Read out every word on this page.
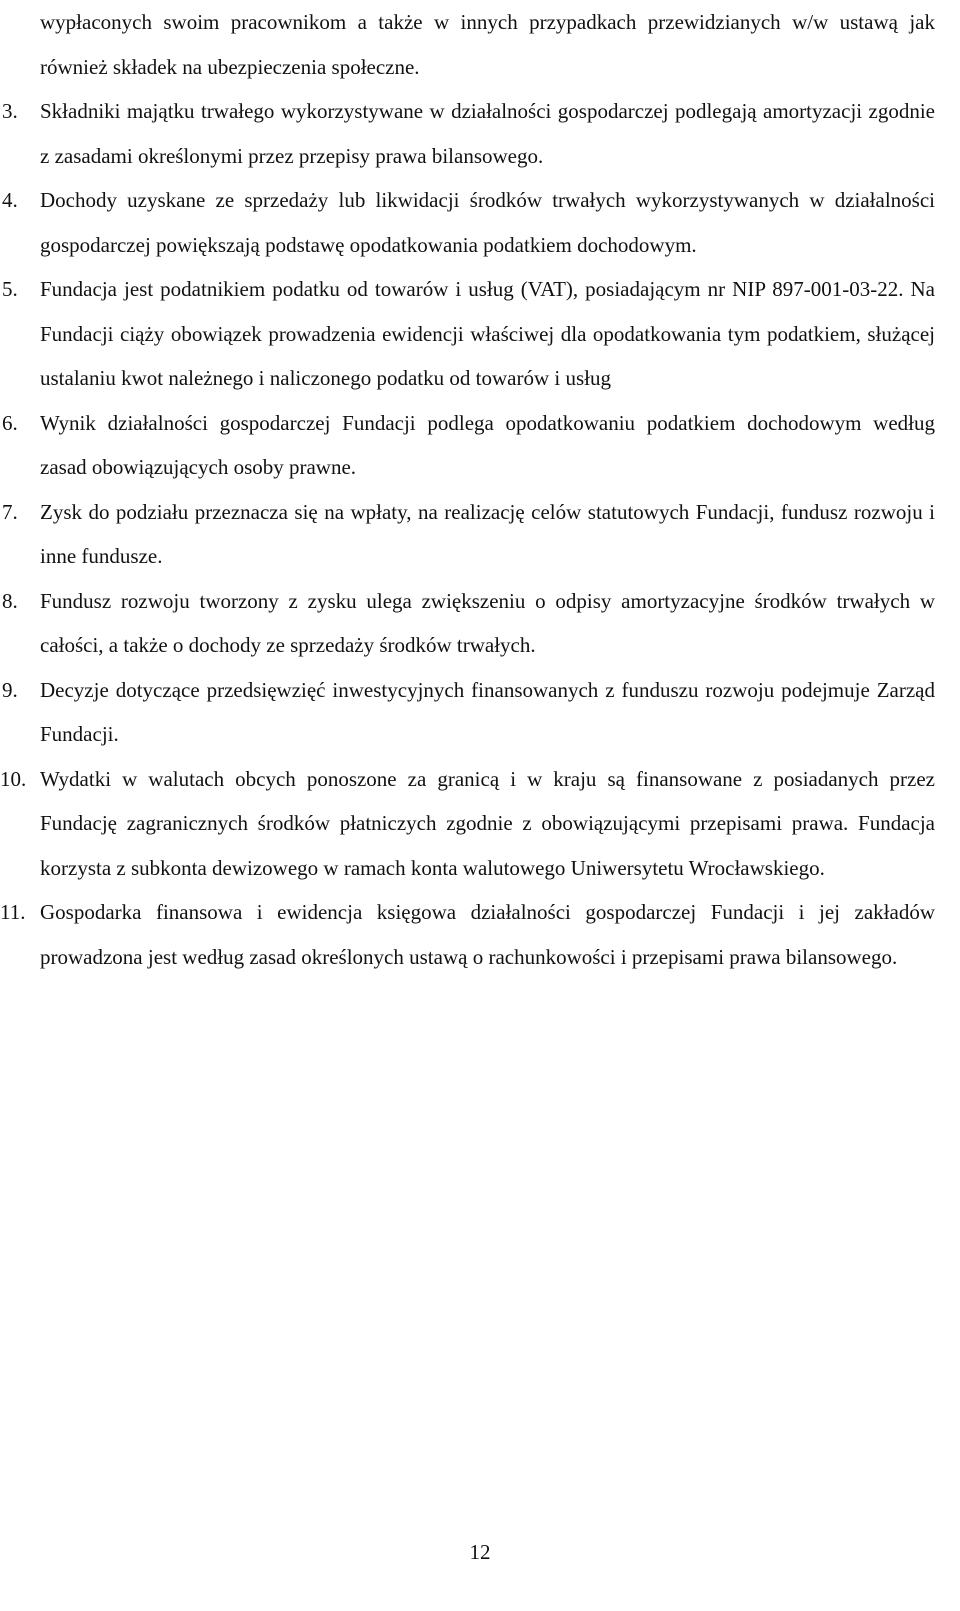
wypłaconych swoim pracownikom a także w innych przypadkach przewidzianych w/w ustawą jak również składek na ubezpieczenia społeczne.

3.	Składniki majątku trwałego wykorzystywane w działalności gospodarczej podlegają amortyzacji zgodnie z zasadami określonymi przez przepisy prawa bilansowego.
4.	Dochody uzyskane ze sprzedaży lub likwidacji środków trwałych wykorzystywanych w działalności gospodarczej powiększają podstawę opodatkowania podatkiem dochodowym.
5.	Fundacja jest podatnikiem podatku od towarów i usług (VAT), posiadającym nr NIP 897-001-03-22. Na Fundacji ciąży obowiązek prowadzenia ewidencji właściwej dla opodatkowania tym podatkiem, służącej ustalaniu kwot należnego i naliczonego podatku od towarów i usług
6.	Wynik działalności gospodarczej Fundacji podlega opodatkowaniu podatkiem dochodowym według zasad obowiązujących osoby prawne.
7.	Zysk do podziału przeznacza się na wpłaty, na realizację celów statutowych Fundacji, fundusz rozwoju i inne fundusze.
8.	Fundusz rozwoju tworzony z zysku ulega zwiększeniu o odpisy amortyzacyjne środków trwałych w całości, a także o dochody ze sprzedaży środków trwałych.
9.	Decyzje dotyczące przedsięwzięć inwestycyjnych finansowanych z funduszu rozwoju podejmuje Zarząd Fundacji.
10. Wydatki w walutach obcych ponoszone za granicą i w kraju są finansowane z posiadanych przez Fundację zagranicznych środków płatniczych zgodnie z obowiązującymi przepisami prawa. Fundacja korzysta z subkonta dewizowego w ramach konta walutowego Uniwersytetu Wrocławskiego.
11. Gospodarka finansowa i ewidencja księgowa działalności gospodarczej Fundacji i jej zakładów prowadzona jest według zasad określonych ustawą o rachunkowości i przepisami prawa bilansowego.
12
